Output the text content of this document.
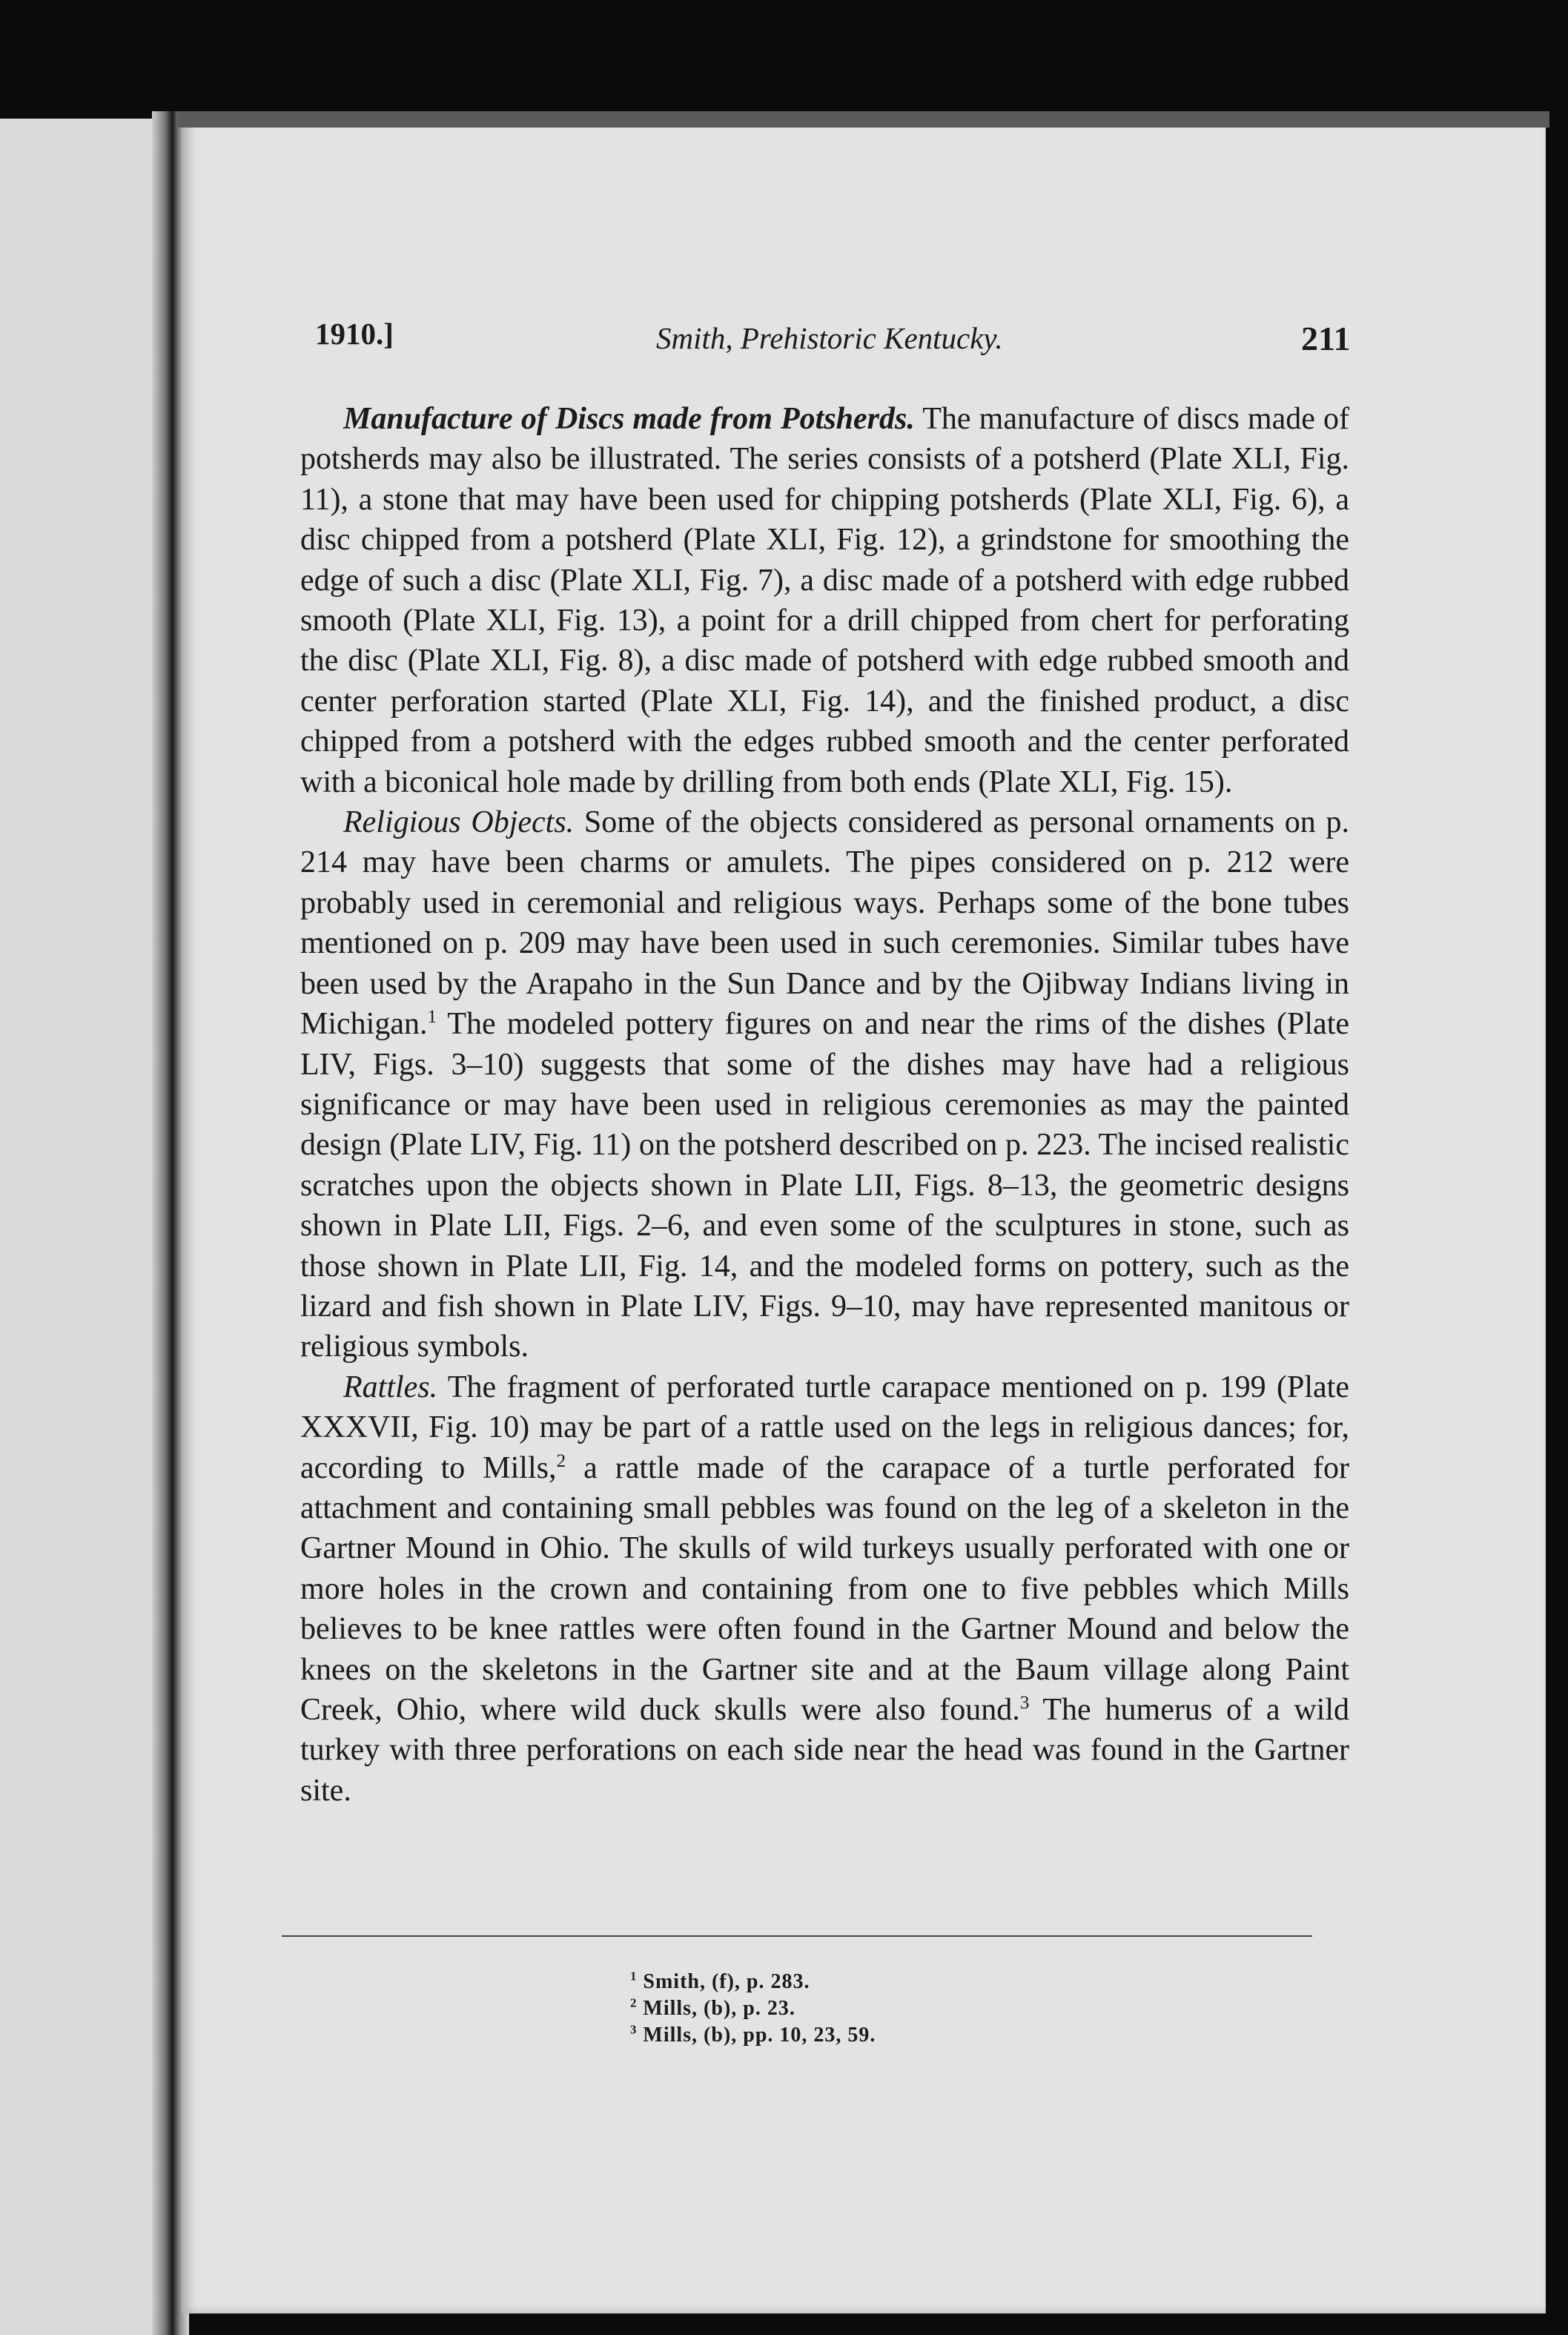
1910.]	Smith, Prehistoric Kentucky.	211

Manufacture of Discs made from Potsherds. The manufacture of discs made of potsherds may also be illustrated. The series consists of a potsherd (Plate XLI, Fig. 11), a stone that may have been used for chipping potsherds (Plate XLI, Fig. 6), a disc chipped from a potsherd (Plate XLI, Fig. 12), a grindstone for smoothing the edge of such a disc (Plate XLI, Fig. 7), a disc made of a potsherd with edge rubbed smooth (Plate XLI, Fig. 13), a point for a drill chipped from chert for perforating the disc (Plate XLI, Fig. 8), a disc made of potsherd with edge rubbed smooth and center perforation started (Plate XLI, Fig. 14), and the finished product, a disc chipped from a potsherd with the edges rubbed smooth and the center perforated with a biconical hole made by drilling from both ends (Plate XLI, Fig. 15).

Religious Objects. Some of the objects considered as personal ornaments on p. 214 may have been charms or amulets. The pipes considered on p. 212 were probably used in ceremonial and religious ways. Perhaps some of the bone tubes mentioned on p. 209 may have been used in such ceremonies. Similar tubes have been used by the Arapaho in the Sun Dance and by the Ojibway Indians living in Michigan.$^1$ The modeled pottery figures on and near the rims of the dishes (Plate LIV, Figs. 3–10) suggests that some of the dishes may have had a religious significance or may have been used in religious ceremonies as may the painted design (Plate LIV, Fig. 11) on the potsherd described on p. 223. The incised realistic scratches upon the objects shown in Plate LII, Figs. 8–13, the geometric designs shown in Plate LII, Figs. 2–6, and even some of the sculptures in stone, such as those shown in Plate LII, Fig. 14, and the modeled forms on pottery, such as the lizard and fish shown in Plate LIV, Figs. 9–10, may have represented manitous or religious symbols.

Rattles. The fragment of perforated turtle carapace mentioned on p. 199 (Plate XXXVII, Fig. 10) may be part of a rattle used on the legs in religious dances; for, according to Mills,$^2$ a rattle made of the carapace of a turtle perforated for attachment and containing small pebbles was found on the leg of a skeleton in the Gartner Mound in Ohio. The skulls of wild turkeys usually perforated with one or more holes in the crown and containing from one to five pebbles which Mills believes to be knee rattles were often found in the Gartner Mound and below the knees on the skeletons in the Gartner site and at the Baum village along Paint Creek, Ohio, where wild duck skulls were also found.$^3$ The humerus of a wild turkey with three perforations on each side near the head was found in the Gartner site.

$^1$ Smith, (f), p. 283.
$^2$ Mills, (b), p. 23.
$^3$ Mills, (b), pp. 10, 23, 59.
